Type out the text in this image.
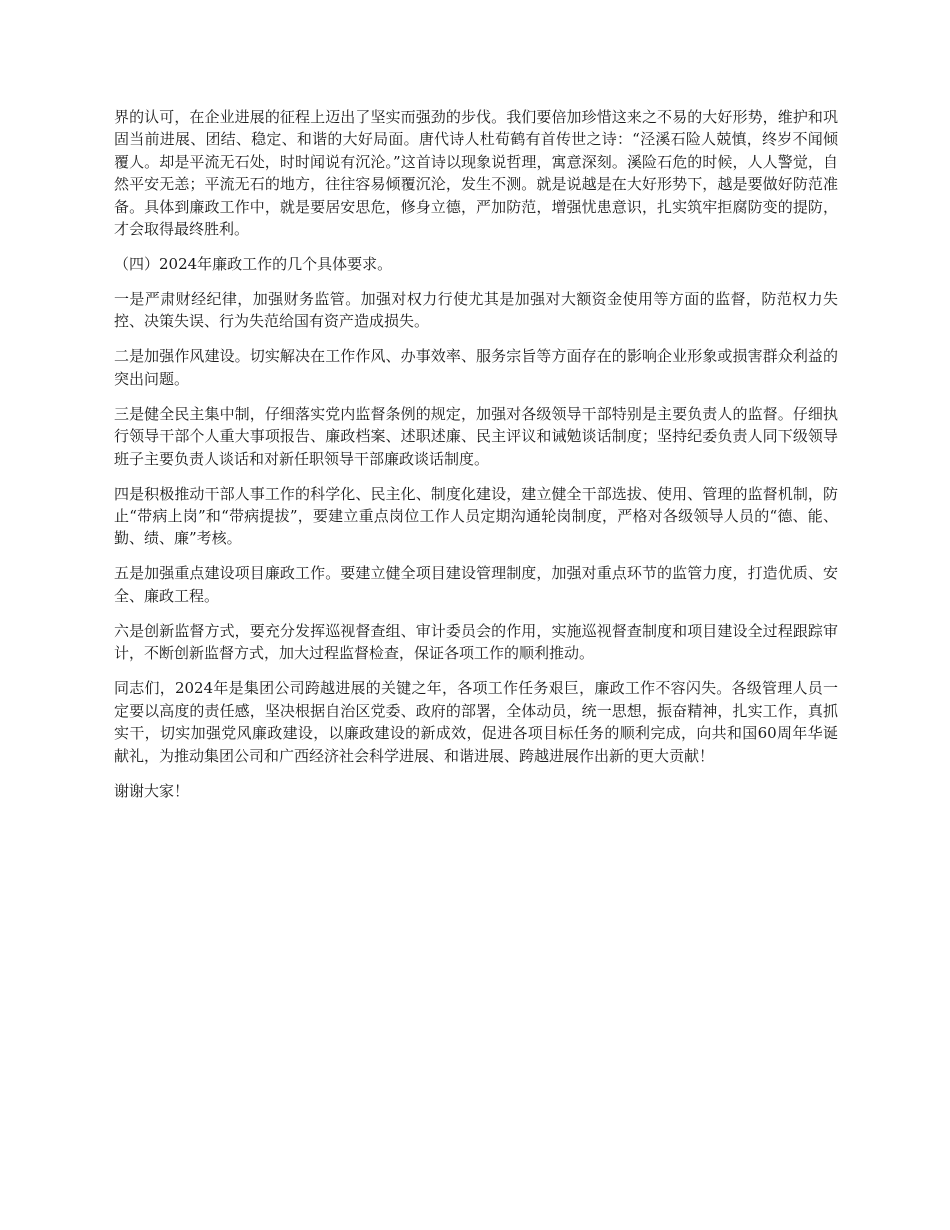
界的认可，在企业进展的征程上迈出了坚实而强劲的步伐。我们要倍加珍惜这来之不易的大好形势，维护和巩固当前进展、团结、稳定、和谐的大好局面。唐代诗人杜荀鹤有首传世之诗：“泾溪石险人兢慎，终岁不闻倾覆人。却是平流无石处，时时闻说有沉沦。”这首诗以现象说哲理，寓意深刻。溪险石危的时候，人人警觉，自然平安无恙；平流无石的地方，往往容易倾覆沉沦，发生不测。就是说越是在大好形势下，越是要做好防范准备。具体到廉政工作中，就是要居安思危，修身立德，严加防范，增强忧患意识，扎实筑牢拒腐防变的提防，才会取得最终胜利。

（四）2024年廉政工作的几个具体要求。

一是严肃财经纪律，加强财务监管。加强对权力行使尤其是加强对大额资金使用等方面的监督，防范权力失控、决策失误、行为失范给国有资产造成损失。

二是加强作风建设。切实解决在工作作风、办事效率、服务宗旨等方面存在的影响企业形象或损害群众利益的突出问题。

三是健全民主集中制，仔细落实党内监督条例的规定，加强对各级领导干部特别是主要负责人的监督。仔细执行领导干部个人重大事项报告、廉政档案、述职述廉、民主评议和诫勉谈话制度；坚持纪委负责人同下级领导班子主要负责人谈话和对新任职领导干部廉政谈话制度。

四是积极推动干部人事工作的科学化、民主化、制度化建设，建立健全干部选拔、使用、管理的监督机制，防止“带病上岗”和“带病提拔”，要建立重点岗位工作人员定期沟通轮岗制度，严格对各级领导人员的“德、能、勤、绩、廉”考核。

五是加强重点建设项目廉政工作。要建立健全项目建设管理制度，加强对重点环节的监管力度，打造优质、安全、廉政工程。

六是创新监督方式，要充分发挥巡视督查组、审计委员会的作用，实施巡视督查制度和项目建设全过程跟踪审计，不断创新监督方式，加大过程监督检查，保证各项工作的顺利推动。

同志们，2024年是集团公司跨越进展的关键之年，各项工作任务艰巨，廉政工作不容闪失。各级管理人员一定要以高度的责任感，坚决根据自治区党委、政府的部署，全体动员，统一思想，振奋精神，扎实工作，真抓实干，切实加强党风廉政建设，以廉政建设的新成效，促进各项目标任务的顺利完成，向共和国60周年华诞献礼，为推动集团公司和广西经济社会科学进展、和谐进展、跨越进展作出新的更大贡献！

谢谢大家！
